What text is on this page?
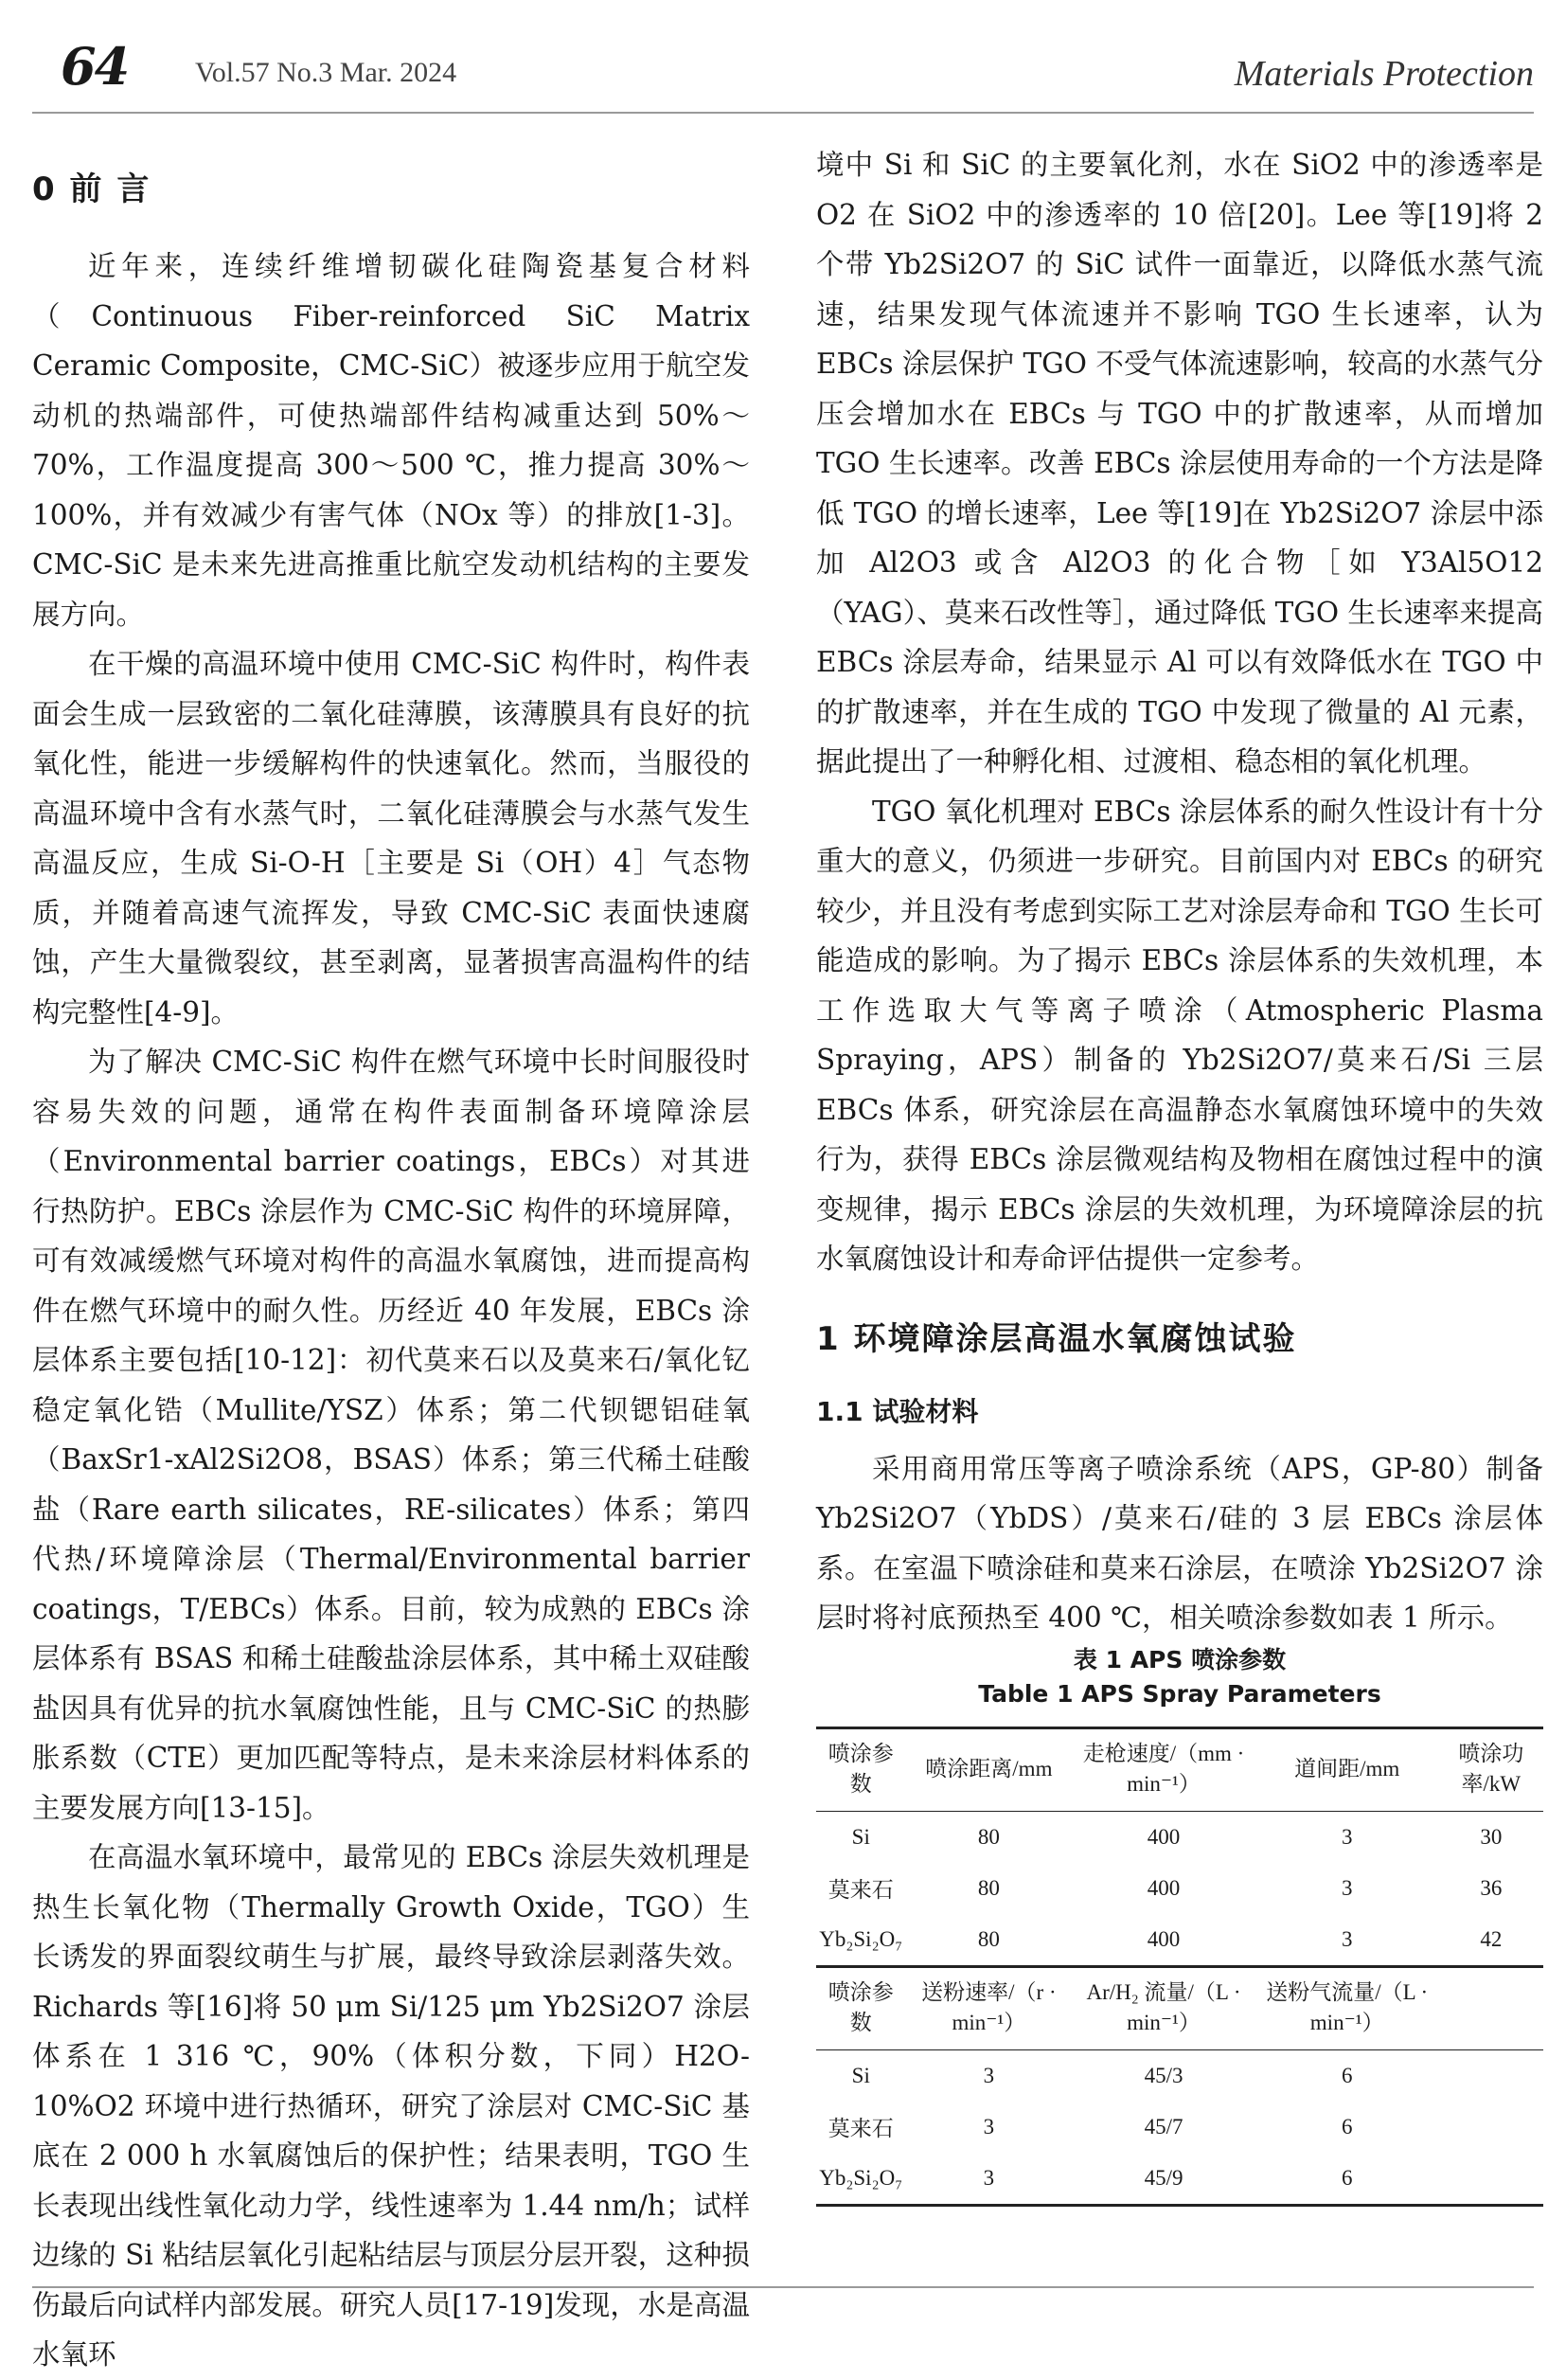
64 Vol.57 No.3 Mar. 2024	Materials Protection
0 前 言

近年来，连续纤维增韧碳化硅陶瓷基复合材料（Continuous Fiber-reinforced SiC Matrix Ceramic Composite，CMC-SiC）被逐步应用于航空发动机的热端部件，可使热端部件结构减重达到 50%～70%，工作温度提高 300～500 ℃，推力提高 30%～100%，并有效减少有害气体（NOx 等）的排放[1-3]。CMC-SiC 是未来先进高推重比航空发动机结构的主要发展方向。

在干燥的高温环境中使用 CMC-SiC 构件时，构件表面会生成一层致密的二氧化硅薄膜，该薄膜具有良好的抗氧化性，能进一步缓解构件的快速氧化。然而，当服役的高温环境中含有水蒸气时，二氧化硅薄膜会与水蒸气发生高温反应，生成 Si-O-H［主要是 Si（OH）4］气态物质，并随着高速气流挥发，导致 CMC-SiC 表面快速腐蚀，产生大量微裂纹，甚至剥离，显著损害高温构件的结构完整性[4-9]。

为了解决 CMC-SiC 构件在燃气环境中长时间服役时容易失效的问题，通常在构件表面制备环境障涂层（Environmental barrier coatings，EBCs）对其进行热防护。EBCs 涂层作为 CMC-SiC 构件的环境屏障，可有效减缓燃气环境对构件的高温水氧腐蚀，进而提高构件在燃气环境中的耐久性。历经近 40 年发展，EBCs 涂层体系主要包括[10-12]：初代莫来石以及莫来石/氧化钇稳定氧化锆（Mullite/YSZ）体系；第二代钡锶铝硅氧（BaxSr1-xAl2Si2O8，BSAS）体系；第三代稀土硅酸盐（Rare earth silicates，RE-silicates）体系；第四代热/环境障涂层（Thermal/Environmental barrier coatings，T/EBCs）体系。目前，较为成熟的 EBCs 涂层体系有 BSAS 和稀土硅酸盐涂层体系，其中稀土双硅酸盐因具有优异的抗水氧腐蚀性能，且与 CMC-SiC 的热膨胀系数（CTE）更加匹配等特点，是未来涂层材料体系的主要发展方向[13-15]。

在高温水氧环境中，最常见的 EBCs 涂层失效机理是热生长氧化物（Thermally Growth Oxide，TGO）生长诱发的界面裂纹萌生与扩展，最终导致涂层剥落失效。Richards 等[16]将 50 μm Si/125 μm Yb2Si2O7 涂层体系在 1 316 ℃，90%（体积分数，下同）H2O-10%O2 环境中进行热循环，研究了涂层对 CMC-SiC 基底在 2 000 h 水氧腐蚀后的保护性；结果表明，TGO 生长表现出线性氧化动力学，线性速率为 1.44 nm/h；试样边缘的 Si 粘结层氧化引起粘结层与顶层分层开裂，这种损伤最后向试样内部发展。研究人员[17-19]发现，水是高温水氧环

境中 Si 和 SiC 的主要氧化剂，水在 SiO2 中的渗透率是 O2 在 SiO2 中的渗透率的 10 倍[20]。Lee 等[19]将 2 个带 Yb2Si2O7 的 SiC 试件一面靠近，以降低水蒸气流速，结果发现气体流速并不影响 TGO 生长速率，认为 EBCs 涂层保护 TGO 不受气体流速影响，较高的水蒸气分压会增加水在 EBCs 与 TGO 中的扩散速率，从而增加 TGO 生长速率。改善 EBCs 涂层使用寿命的一个方法是降低 TGO 的增长速率，Lee 等[19]在 Yb2Si2O7 涂层中添加 Al2O3 或含 Al2O3 的化合物［如 Y3Al5O12（YAG）、莫来石改性等］，通过降低 TGO 生长速率来提高 EBCs 涂层寿命，结果显示 Al 可以有效降低水在 TGO 中的扩散速率，并在生成的 TGO 中发现了微量的 Al 元素，据此提出了一种孵化相、过渡相、稳态相的氧化机理。

TGO 氧化机理对 EBCs 涂层体系的耐久性设计有十分重大的意义，仍须进一步研究。目前国内对 EBCs 的研究较少，并且没有考虑到实际工艺对涂层寿命和 TGO 生长可能造成的影响。为了揭示 EBCs 涂层体系的失效机理，本工作选取大气等离子喷涂（Atmospheric Plasma Spraying，APS）制备的 Yb2Si2O7/莫来石/Si 三层 EBCs 体系，研究涂层在高温静态水氧腐蚀环境中的失效行为，获得 EBCs 涂层微观结构及物相在腐蚀过程中的演变规律，揭示 EBCs 涂层的失效机理，为环境障涂层的抗水氧腐蚀设计和寿命评估提供一定参考。

1 环境障涂层高温水氧腐蚀试验
1.1 试验材料

采用商用常压等离子喷涂系统（APS，GP-80）制备 Yb2Si2O7（YbDS）/莫来石/硅的 3 层 EBCs 涂层体系。在室温下喷涂硅和莫来石涂层，在喷涂 Yb2Si2O7 涂层时将衬底预热至 400 ℃，相关喷涂参数如表 1 所示。

表 1 APS 喷涂参数
Table 1 APS Spray Parameters
喷涂参数	喷涂距离/mm	走枪速度/（mm · min⁻¹）	道间距/mm	喷涂功率/kW
Si	80	400	3	30
莫来石	80	400	3	36
Yb₂Si₂O₇	80	400	3	42
喷涂参数	送粉速率/（r · min⁻¹）	Ar/H₂ 流量/（L · min⁻¹）	送粉气流量/（L · min⁻¹）	
Si	3	45/3	6	
莫来石	3	45/7	6	
Yb₂Si₂O₇	3	45/9	6	
